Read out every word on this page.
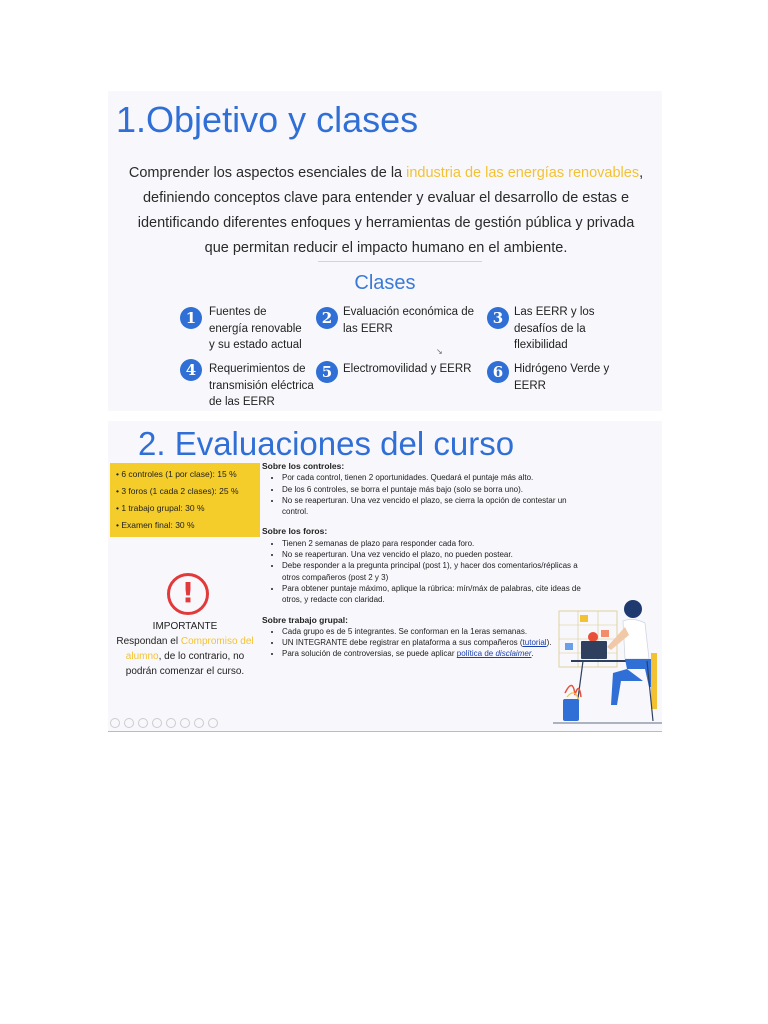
1.Objetivo y clases
Comprender los aspectos esenciales de la industria de las energías renovables, definiendo conceptos clave para entender y evaluar el desarrollo de estas e identificando diferentes enfoques y herramientas de gestión pública y privada que permitan reducir el impacto humano en el ambiente.
Clases
1	Fuentes de
energía renovable
y su estado actual
2 Evaluación económica de
las EERR
3 Las EERR y los
desafíos de la
flexibilidad
4	Requerimientos de
transmisión eléctrica
de las EERR
5 Electromovilidad y EERR	6 Hidrógeno Verde y
EERR
↘
2. Evaluaciones del curso
• 6 controles (1 por clase): 15 %
• 3 foros (1 cada 2 clases): 25 %
• 1 trabajo grupal: 30 %
• Examen final: 30 %
!
IMPORTANTE
Respondan el Compromiso del alumno, de lo contrario, no podrán comenzar el curso.
Sobre los controles:
• Por cada control, tienen 2 oportunidades. Quedará el puntaje más alto.
• De los 6 controles, se borra el puntaje más bajo (solo se borra uno).
• No se reaperturan. Una vez vencido el plazo, se cierra la opción de contestar un control.
Sobre los foros:
• Tienen 2 semanas de plazo para responder cada foro.
• No se reaperturan. Una vez vencido el plazo, no pueden postear.
• Debe responder a la pregunta principal (post 1), y hacer dos comentarios/réplicas a otros compañeros (post 2 y 3)
• Para obtener puntaje máximo, aplique la rúbrica: mín/máx de palabras, cite ideas de otros, y redacte con claridad.
Sobre trabajo grupal:
• Cada grupo es de 5 integrantes. Se conforman en la 1eras semanas.
• UN INTEGRANTE debe registrar en plataforma a sus compañeros (tutorial).
• Para solución de controversias, se puede aplicar política de disclaimer.
